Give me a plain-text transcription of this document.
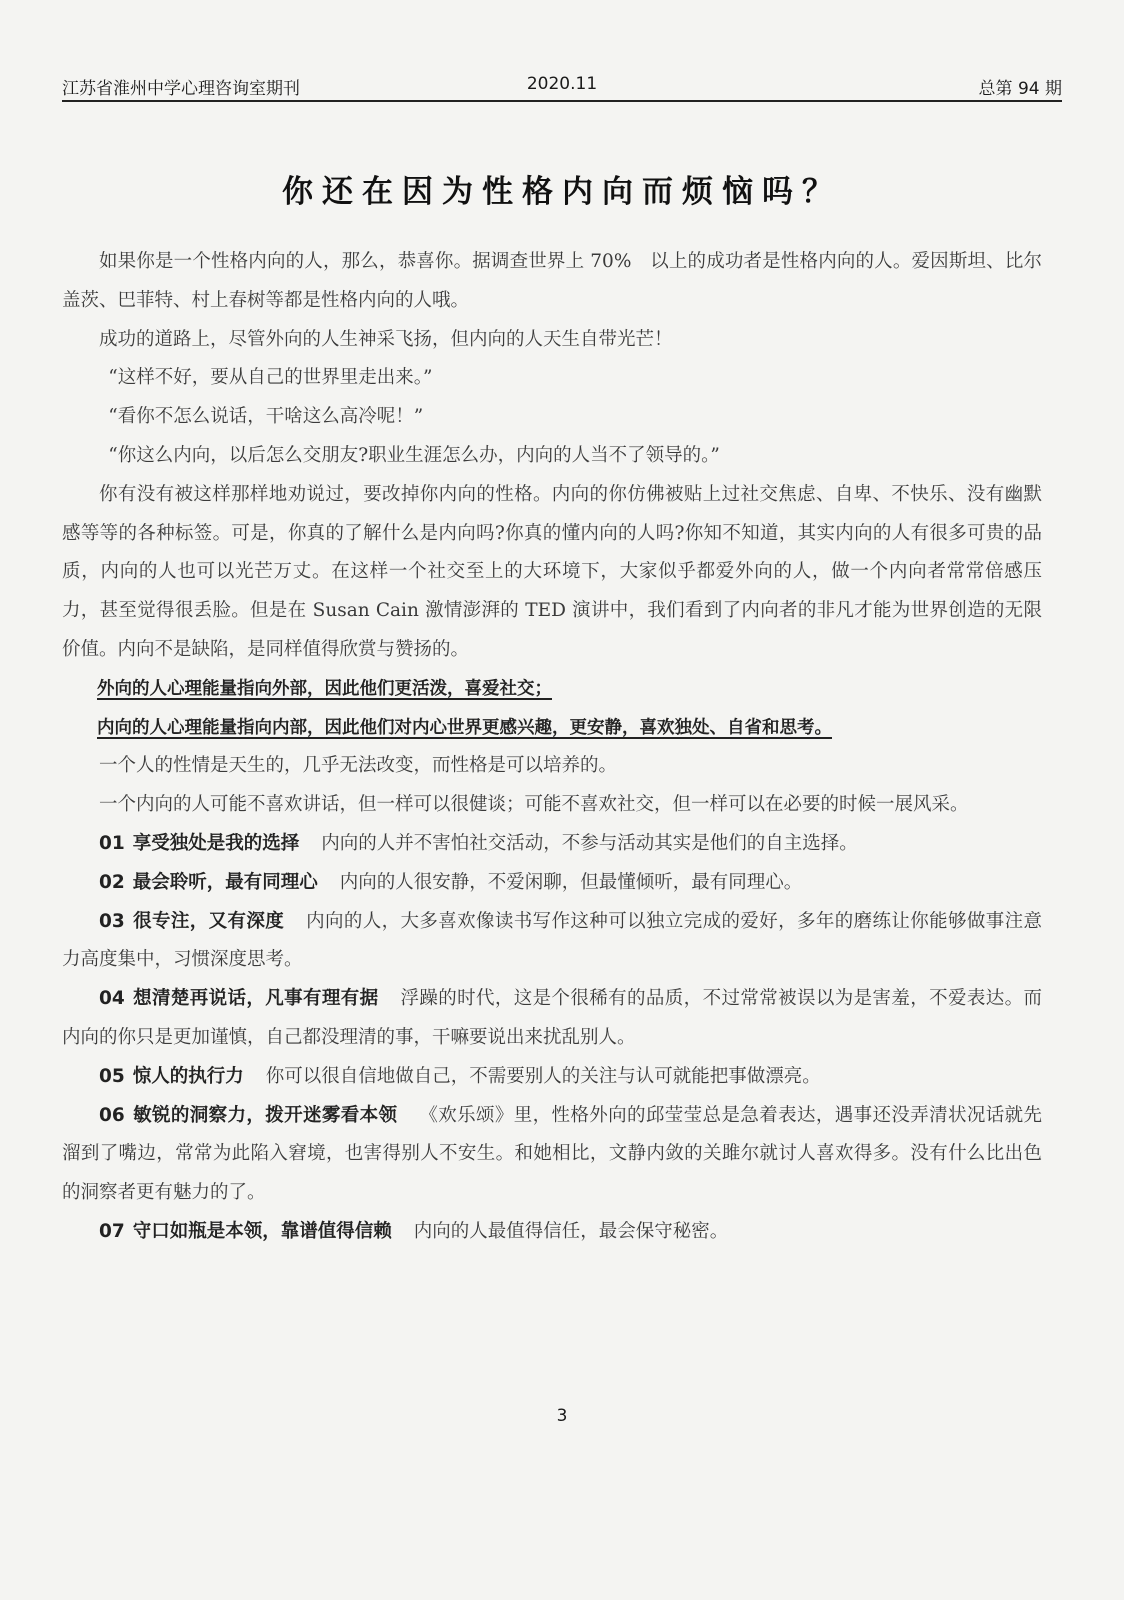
江苏省淮州中学心理咨询室期刊	2020.11	总第 94 期
你还在因为性格内向而烦恼吗？

如果你是一个性格内向的人，那么，恭喜你。据调查世界上 70%　以上的成功者是性格内向的人。爱因斯坦、比尔盖茨、巴菲特、村上春树等都是性格内向的人哦。

成功的道路上，尽管外向的人生神采飞扬，但内向的人天生自带光芒！

“这样不好，要从自己的世界里走出来。”

“看你不怎么说话，干啥这么高冷呢！”

“你这么内向，以后怎么交朋友?职业生涯怎么办，内向的人当不了领导的。”

你有没有被这样那样地劝说过，要改掉你内向的性格。内向的你仿佛被贴上过社交焦虑、自卑、不快乐、没有幽默感等等的各种标签。可是，你真的了解什么是内向吗?你真的懂内向的人吗?你知不知道，其实内向的人有很多可贵的品质，内向的人也可以光芒万丈。在这样一个社交至上的大环境下，大家似乎都爱外向的人，做一个内向者常常倍感压力，甚至觉得很丢脸。但是在 Susan Cain 激情澎湃的 TED 演讲中，我们看到了内向者的非凡才能为世界创造的无限价值。内向不是缺陷，是同样值得欣赏与赞扬的。

外向的人心理能量指向外部，因此他们更活泼，喜爱社交；

内向的人心理能量指向内部，因此他们对内心世界更感兴趣，更安静，喜欢独处、自省和思考。

一个人的性情是天生的，几乎无法改变，而性格是可以培养的。

一个内向的人可能不喜欢讲话，但一样可以很健谈；可能不喜欢社交，但一样可以在必要的时候一展风采。

01 享受独处是我的选择 内向的人并不害怕社交活动，不参与活动其实是他们的自主选择。

02 最会聆听，最有同理心 内向的人很安静，不爱闲聊，但最懂倾听，最有同理心。

03 很专注，又有深度 内向的人，大多喜欢像读书写作这种可以独立完成的爱好，多年的磨练让你能够做事注意力高度集中，习惯深度思考。

04 想清楚再说话，凡事有理有据 浮躁的时代，这是个很稀有的品质，不过常常被误以为是害羞，不爱表达。而内向的你只是更加谨慎，自己都没理清的事，干嘛要说出来扰乱别人。

05 惊人的执行力 你可以很自信地做自己，不需要别人的关注与认可就能把事做漂亮。

06 敏锐的洞察力，拨开迷雾看本领 《欢乐颂》里，性格外向的邱莹莹总是急着表达，遇事还没弄清状况话就先溜到了嘴边，常常为此陷入窘境，也害得别人不安生。和她相比，文静内敛的关雎尔就讨人喜欢得多。没有什么比出色的洞察者更有魅力的了。

07 守口如瓶是本领，靠谱值得信赖 内向的人最值得信任，最会保守秘密。

3
